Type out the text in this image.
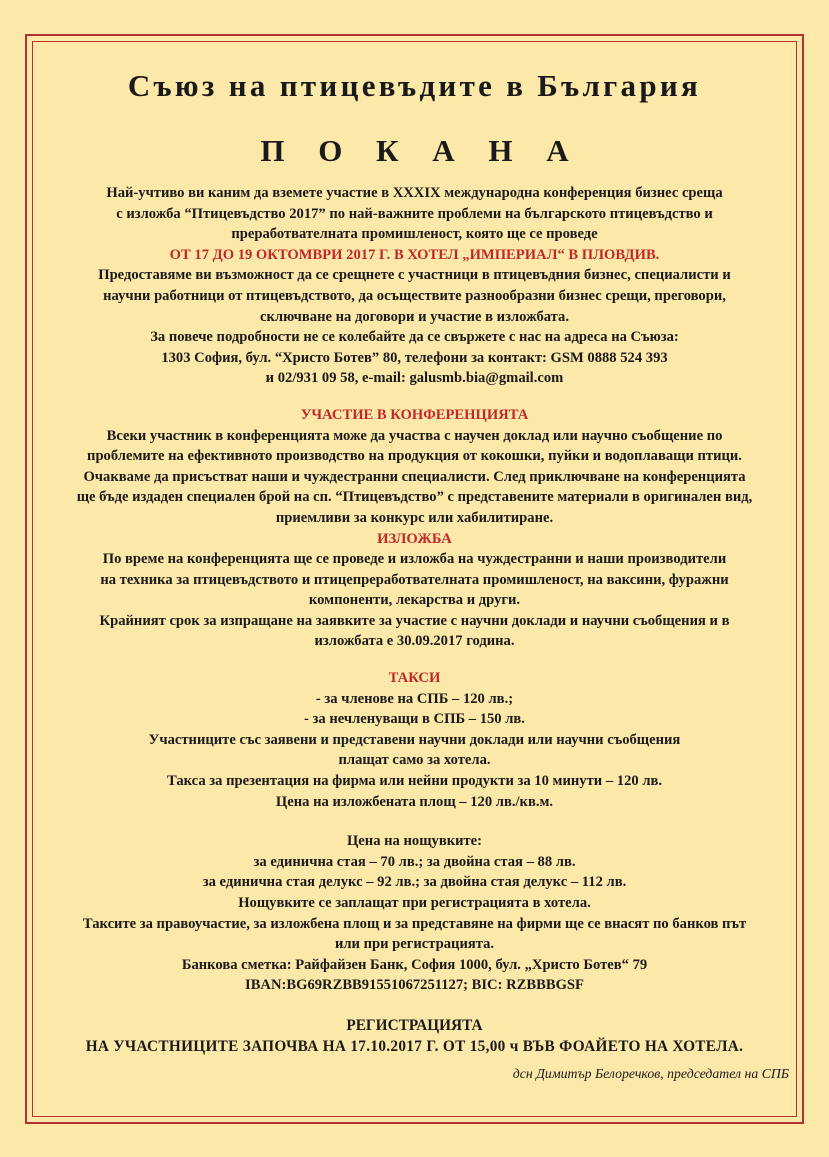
Съюз на птицевъдите в България
П О К А Н А
Най-учтиво ви каним да вземете участие в XXXIX международна конференция бизнес среща
с изложба “Птицевъдство 2017” по най-важните проблеми на българското птицевъдство и
преработвателната промишленост, която ще се проведе
ОТ 17 ДО 19 ОКТОМВРИ 2017 Г. В ХОТЕЛ „ИМПЕРИАЛ“ В ПЛОВДИВ.
Предоставяме ви възможност да се срещнете с участници в птицевъдния бизнес, специалисти и
научни работници от птицевъдството, да осъществите разнообразни бизнес срещи, преговори,
сключване на договори и участие в изложбата.
За повече подробности не се колебайте да се свържете с нас на адреса на Съюза:
1303 София, бул. “Христо Ботев” 80, телефони за контакт: GSM 0888 524 393
и 02/931 09 58, e-mail: galusmb.bia@gmail.com
УЧАСТИЕ В КОНФЕРЕНЦИЯТА
Всеки участник в конференцията може да участва с научен доклад или научно съобщение по
проблемите на ефективното производство на продукция от кокошки, пуйки и водоплаващи птици.
Очакваме да присъстват наши и чуждестранни специалисти. След приключване на конференцията
ще бъде издаден специален брой на сп. “Птицевъдство” с представените материали в оригинален вид,
приемливи за конкурс или хабилитиране.
ИЗЛОЖБА
По време на конференцията ще се проведе и изложба на чуждестранни и наши производители
на техника за птицевъдството и птицепреработвателната промишленост, на ваксини, фуражни
компоненти, лекарства и други.
Крайният срок за изпращане на заявките за участие с научни доклади и научни съобщения и в
изложбата е 30.09.2017 година.
ТАКСИ
- за членове на СПБ – 120 лв.;
- за нечленуващи в СПБ – 150 лв.
Участниците със заявени и представени научни доклади или научни съобщения
плащат само за хотела.
Такса за презентация на фирма или нейни продукти за 10 минути – 120 лв.
Цена на изложбената площ – 120 лв./кв.м.
Цена на нощувките:
за единична стая – 70 лв.; за двойна стая – 88 лв.
за единична стая делукс – 92 лв.; за двойна стая делукс – 112 лв.
Нощувките се заплащат при регистрацията в хотела.
Таксите за правоучастие, за изложбена площ и за представяне на фирми ще се внасят по банков път
или при регистрацията.
Банкова сметка: Райфайзен Банк, София 1000, бул. „Христо Ботев“ 79
IBAN:BG69RZBB91551067251127; BIC: RZBBBGSF
РЕГИСТРАЦИЯТА
НА УЧАСТНИЦИТЕ ЗАПОЧВА НА 17.10.2017 Г. ОТ 15,00 ч ВЪВ ФОАЙЕТО НА ХОТЕЛА.
дсн Димитър Белоречков, председател на СПБ
